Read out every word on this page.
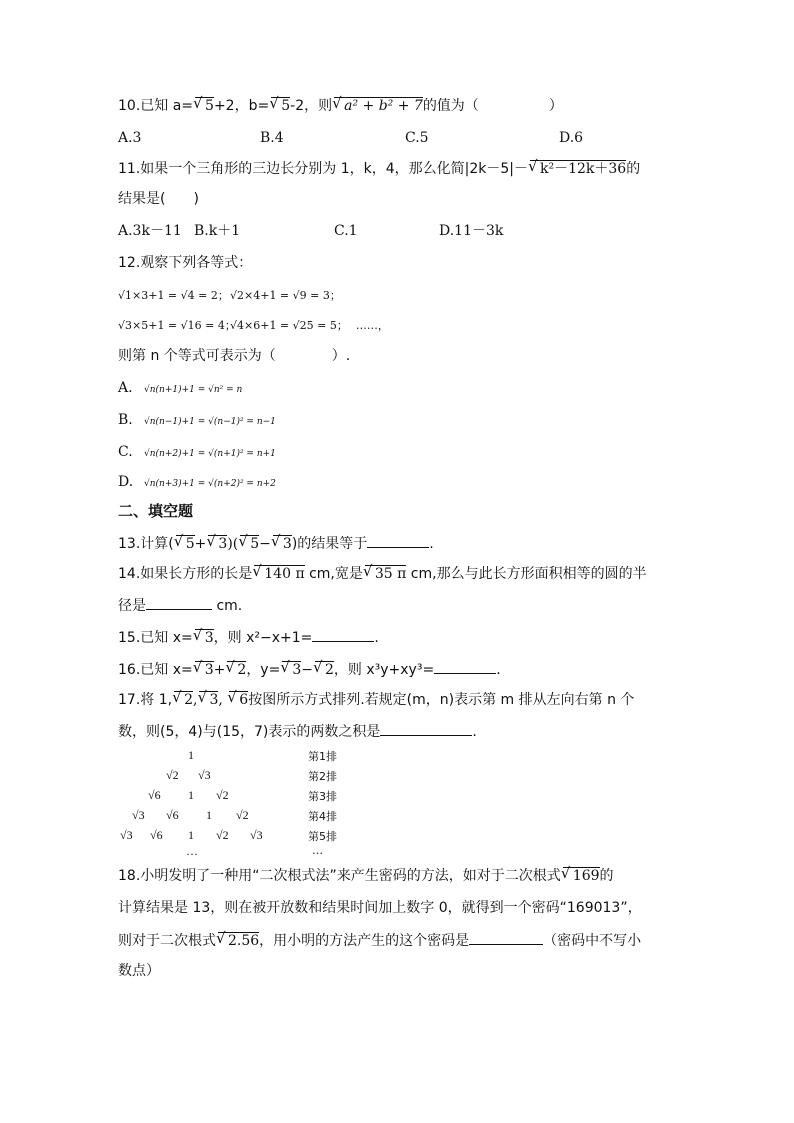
10.已知 a= √ 5+2，b= √ 5-2，则 √ a² + b² + 7的值为（	）
A.3	B.4	C.5	D.6
11.如果一个三角形的三边长分别为 1，k，4，那么化简|2k－5|－ √ k²－12k＋36的
结果是(　　)
A.3k－11 B.k＋1	C.1	D.11－3k
12.观察下列各等式：
√1×3+1 = √4 = 2；√2×4+1 = √9 = 3；
√3×5+1 = √16 = 4；√4×6+1 = √25 = 5； ……，
则第 n 个等式可表示为（　　　　）.
A. √n(n+1)+1 = √n² = n
B. √n(n−1)+1 = √(n−1)² = n−1
C. √n(n+2)+1 = √(n+1)² = n+1
D. √n(n+3)+1 = √(n+2)² = n+2
二、填空题
13.计算( √ 5+ √ 3)( √ 5− √ 3)的结果等于	.
14.如果长方形的长是 √ 140 π cm,宽是 √ 35 π cm,那么与此长方形面积相等的圆的半
径是	cm.
15.已知 x= √ 3，则 x²−x+1=	.
16.已知 x= √ 3+ √ 2，y= √ 3− √ 2，则 x³y+xy³=	.
17.将 1, √ 2, √ 3, √ 6按图所示方式排列.若规定(m，n)表示第 m 排从左向右第 n 个
数，则(5，4)与(15，7)表示的两数之积是	.
1
√2 √3
√6 1 √2
√3 √6 1 √2
√3 √6 1 √2 √3
…
第1排
第2排
第3排
第4排
第5排
…
18.小明发明了一种用“二次根式法”来产生密码的方法，如对于二次根式 √ 169的
计算结果是 13，则在被开放数和结果时间加上数字 0，就得到一个密码“169013”，
则对于二次根式 √ 2.56，用小明的方法产生的这个密码是	（密码中不写小
数点）
